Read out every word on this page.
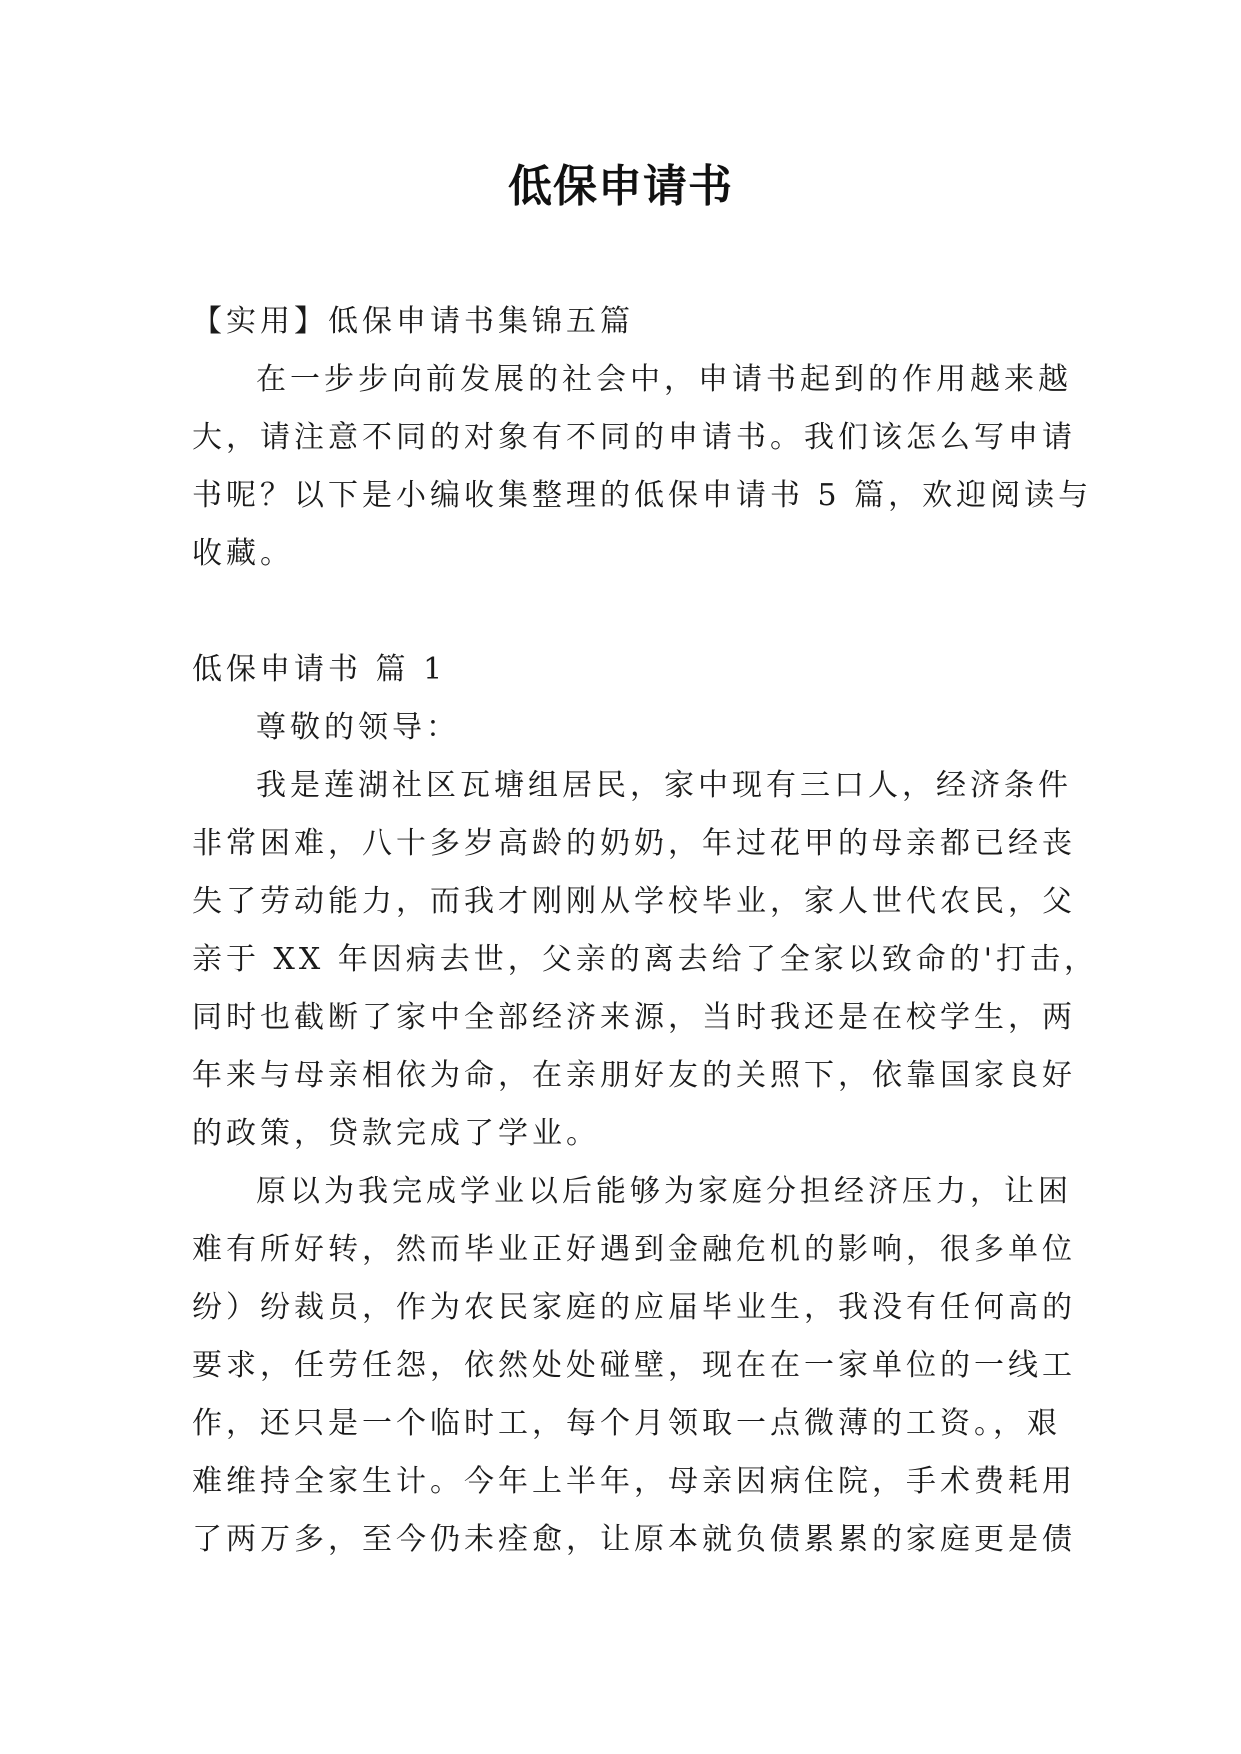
低保申请书

【实用】低保申请书集锦五篇

在一步步向前发展的社会中，申请书起到的作用越来越

大，请注意不同的对象有不同的申请书。我们该怎么写申请

书呢？以下是小编收集整理的低保申请书 5 篇，欢迎阅读与

收藏。

低保申请书 篇 1

尊敬的领导：

我是莲湖社区瓦塘组居民，家中现有三口人，经济条件

非常困难，八十多岁高龄的奶奶，年过花甲的母亲都已经丧

失了劳动能力，而我才刚刚从学校毕业，家人世代农民，父

亲于 XX 年因病去世，父亲的离去给了全家以致命的'打击，

同时也截断了家中全部经济来源，当时我还是在校学生，两

年来与母亲相依为命，在亲朋好友的关照下，依靠国家良好

的政策，贷款完成了学业。

原以为我完成学业以后能够为家庭分担经济压力，让困

难有所好转，然而毕业正好遇到金融危机的影响，很多单位

纷）纷裁员，作为农民家庭的应届毕业生，我没有任何高的

要求，任劳任怨，依然处处碰壁，现在在一家单位的一线工

作，还只是一个临时工，每个月领取一点微薄的工资。，艰

难维持全家生计。今年上半年，母亲因病住院，手术费耗用

了两万多，至今仍未痊愈，让原本就负债累累的家庭更是债
